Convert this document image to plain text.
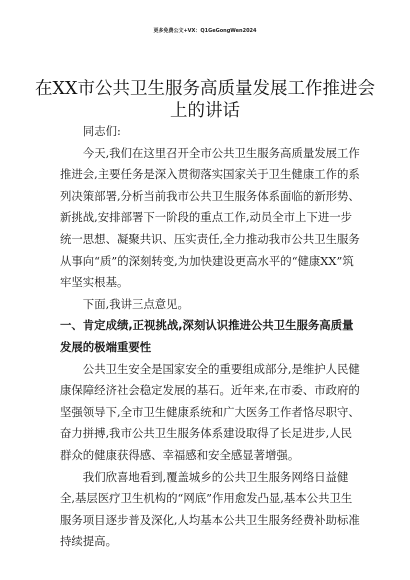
更多免费公文+VX：Q1GeGongWen2024
在XX市公共卫生服务高质量发展工作推进会上的讲话

同志们:

今天,我们在这里召开全市公共卫生服务高质量发展工作推进会,主要任务是深入贯彻落实国家关于卫生健康工作的系列决策部署,分析当前我市公共卫生服务体系面临的新形势、新挑战,安排部署下一阶段的重点工作,动员全市上下进一步统一思想、凝聚共识、压实责任,全力推动我市公共卫生服务从事向“质”的深刻转变,为加快建设更高水平的“健康XX”筑牢坚实根基。

下面,我讲三点意见。

一、肯定成绩,正视挑战,深刻认识推进公共卫生服务高质量发展的极端重要性

公共卫生安全是国家安全的重要组成部分,是维护人民健康保障经济社会稳定发展的基石。近年来,在市委、市政府的坚强领导下,全市卫生健康系统和广大医务工作者恪尽职守、奋力拼搏,我市公共卫生服务体系建设取得了长足进步,人民群众的健康获得感、幸福感和安全感显著增强。

我们欣喜地看到,覆盖城乡的公共卫生服务网络日益健全,基层医疗卫生机构的“网底”作用愈发凸显,基本公共卫生服务项目逐步普及深化,人均基本公共卫生服务经费补助标准持续提高。
